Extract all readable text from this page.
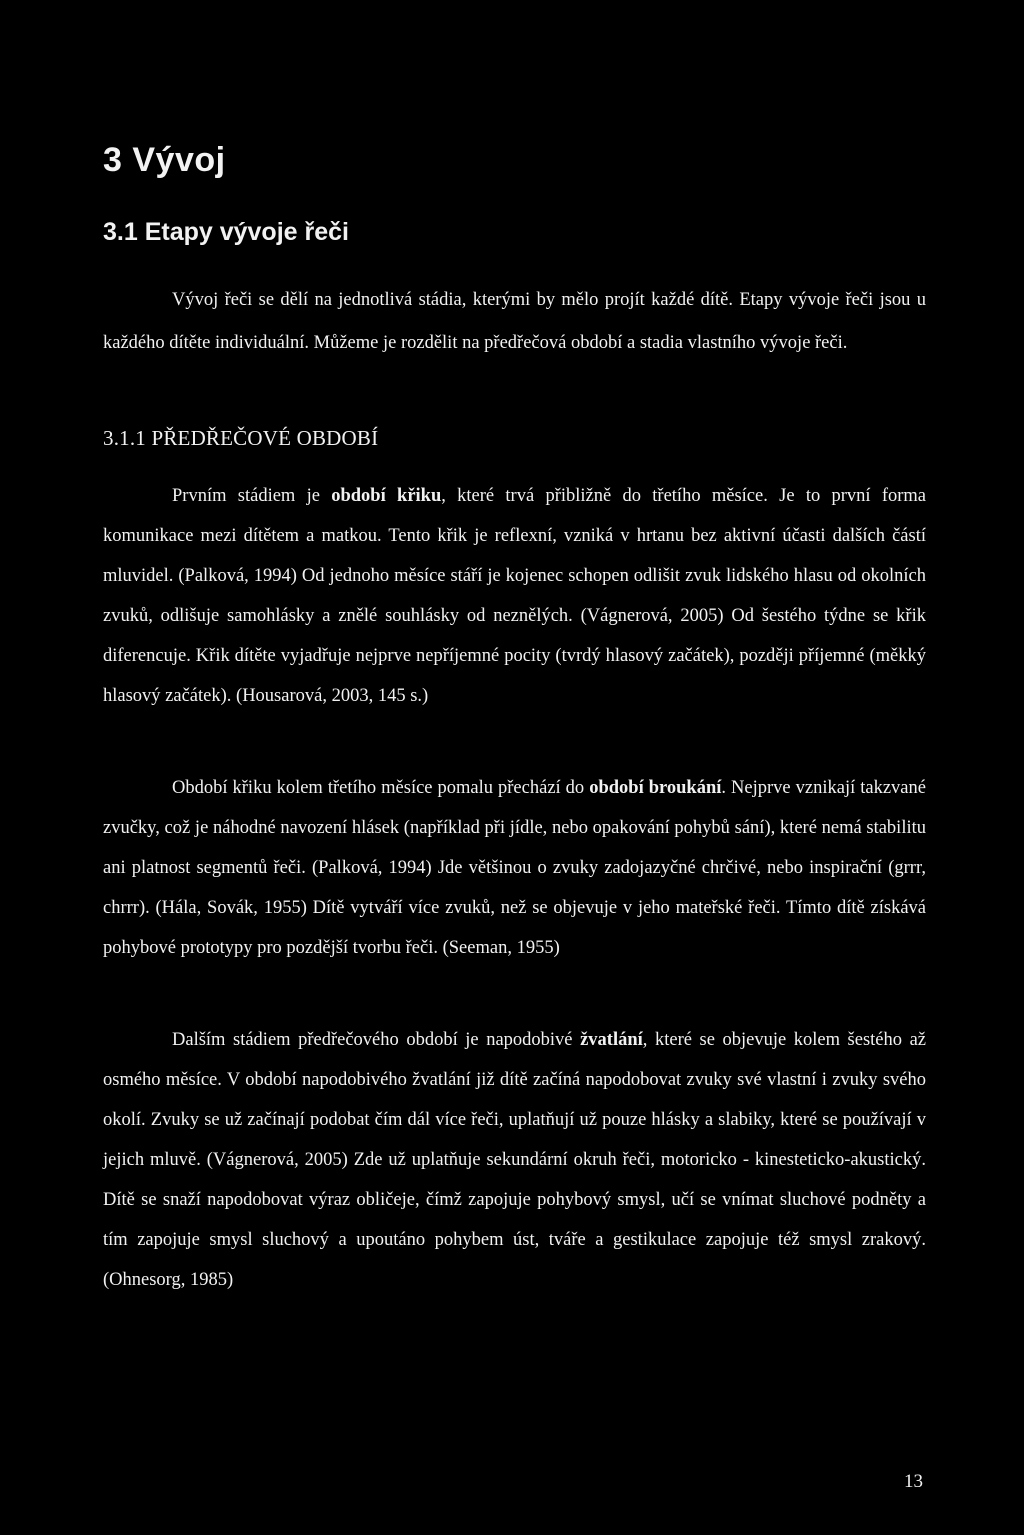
3 Vývoj
3.1 Etapy vývoje řeči

Vývoj řeči se dělí na jednotlivá stádia, kterými by mělo projít každé dítě. Etapy vývoje řeči jsou u každého dítěte individuální. Můžeme je rozdělit na předřečová období a stadia vlastního vývoje řeči.

3.1.1 PŘEDŘEČOVÉ OBDOBÍ

Prvním stádiem je období křiku, které trvá přibližně do třetího měsíce. Je to první forma komunikace mezi dítětem a matkou. Tento křik je reflexní, vzniká v hrtanu bez aktivní účasti dalších částí mluvidel. (Palková, 1994) Od jednoho měsíce stáří je kojenec schopen odlišit zvuk lidského hlasu od okolních zvuků, odlišuje samohlásky a znělé souhlásky od neznělých. (Vágnerová, 2005) Od šestého týdne se křik diferencuje. Křik dítěte vyjadřuje nejprve nepříjemné pocity (tvrdý hlasový začátek), později příjemné (měkký hlasový začátek). (Housarová, 2003, 145 s.)

Období křiku kolem třetího měsíce pomalu přechází do období broukání. Nejprve vznikají takzvané zvučky, což je náhodné navození hlásek (například při jídle, nebo opakování pohybů sání), které nemá stabilitu ani platnost segmentů řeči. (Palková, 1994) Jde většinou o zvuky zadojazyčné chrčivé, nebo inspirační (grrr, chrrr). (Hála, Sovák, 1955) Dítě vytváří více zvuků, než se objevuje v jeho mateřské řeči. Tímto dítě získává pohybové prototypy pro pozdější tvorbu řeči. (Seeman, 1955)

Dalším stádiem předřečového období je napodobivé žvatlání, které se objevuje kolem šestého až osmého měsíce. V období napodobivého žvatlání již dítě začíná napodobovat zvuky své vlastní i zvuky svého okolí. Zvuky se už začínají podobat čím dál více řeči, uplatňují už pouze hlásky a slabiky, které se používají v jejich mluvě. (Vágnerová, 2005) Zde už uplatňuje sekundární okruh řeči, motoricko - kinesteticko-akustický. Dítě se snaží napodobovat výraz obličeje, čímž zapojuje pohybový smysl, učí se vnímat sluchové podněty a tím zapojuje smysl sluchový a upoutáno pohybem úst, tváře a gestikulace zapojuje též smysl zrakový. (Ohnesorg, 1985)

13
